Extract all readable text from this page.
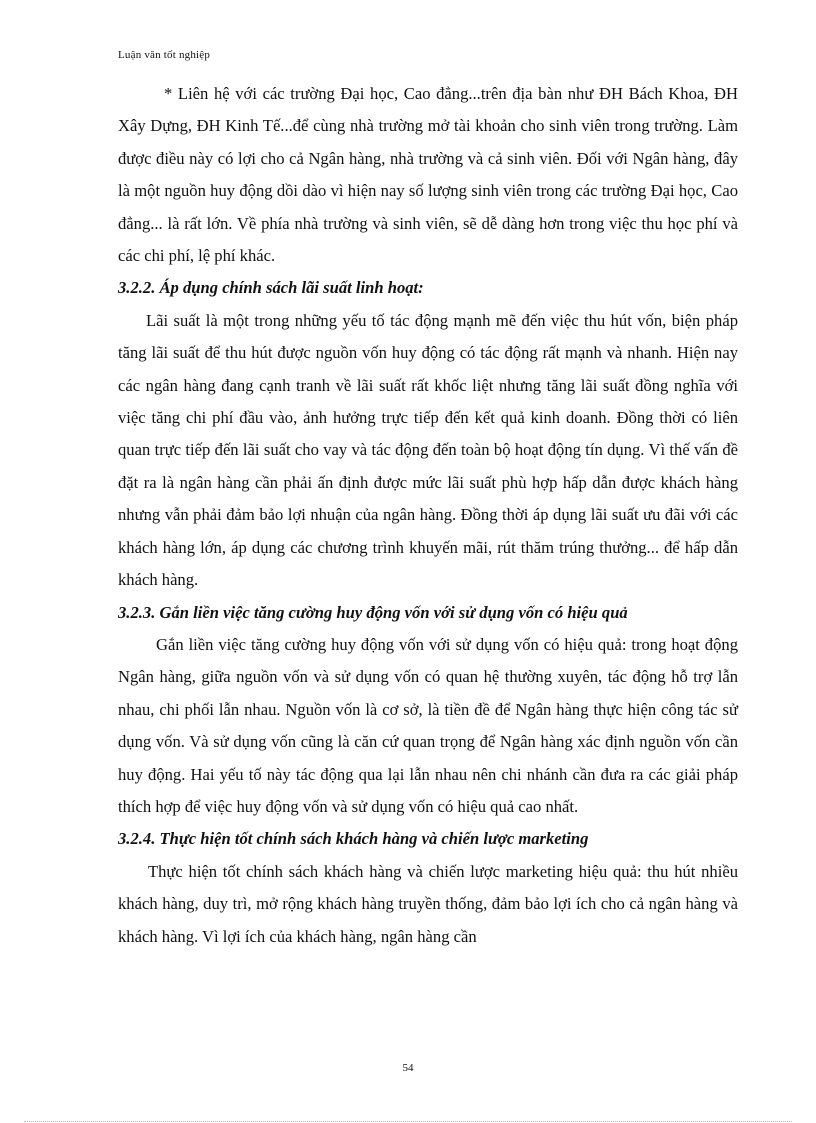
Luận văn tốt nghiệp

* Liên hệ với các trường Đại học, Cao đẳng...trên địa bàn như ĐH Bách Khoa, ĐH Xây Dựng, ĐH Kinh Tế...để cùng nhà trường mở tài khoản cho sinh viên trong trường. Làm được điều này có lợi cho cả Ngân hàng, nhà trường và cả sinh viên. Đối với Ngân hàng, đây là một nguồn huy động dồi dào vì hiện nay số lượng sinh viên trong các trường Đại học, Cao đẳng... là rất lớn. Về phía nhà trường và sinh viên, sẽ dễ dàng hơn trong việc thu học phí và các chi phí, lệ phí khác.

3.2.2. Áp dụng chính sách lãi suất linh hoạt:

Lãi suất là một trong những yếu tố tác động mạnh mẽ đến việc thu hút vốn, biện pháp tăng lãi suất để thu hút được nguồn vốn huy động có tác động rất mạnh và nhanh. Hiện nay các ngân hàng đang cạnh tranh về lãi suất rất khốc liệt nhưng tăng lãi suất đồng nghĩa với việc tăng chi phí đầu vào, ảnh hưởng trực tiếp đến kết quả kinh doanh. Đồng thời có liên quan trực tiếp đến lãi suất cho vay và tác động đến toàn bộ hoạt động tín dụng. Vì thế vấn đề đặt ra là ngân hàng cần phải ấn định được mức lãi suất phù hợp hấp dẫn được khách hàng nhưng vẫn phải đảm bảo lợi nhuận của ngân hàng. Đồng thời áp dụng lãi suất ưu đãi với các khách hàng lớn, áp dụng các chương trình khuyến mãi, rút thăm trúng thưởng... để hấp dẫn khách hàng.

3.2.3. Gắn liền việc tăng cường huy động vốn với sử dụng vốn có hiệu quả

Gắn liền việc tăng cường huy động vốn với sử dụng vốn có hiệu quả: trong hoạt động Ngân hàng, giữa nguồn vốn và sử dụng vốn có quan hệ thường xuyên, tác động hỗ trợ lẫn nhau, chi phối lẫn nhau. Nguồn vốn là cơ sở, là tiền đề để Ngân hàng thực hiện công tác sử dụng vốn. Và sử dụng vốn cũng là căn cứ quan trọng để Ngân hàng xác định nguồn vốn cần huy động. Hai yếu tố này tác động qua lại lẫn nhau nên chi nhánh cần đưa ra các giải pháp thích hợp để việc huy động vốn và sử dụng vốn có hiệu quả cao nhất.

3.2.4. Thực hiện tốt chính sách khách hàng và chiến lược marketing

Thực hiện tốt chính sách khách hàng và chiến lược marketing hiệu quả: thu hút nhiều khách hàng, duy trì, mở rộng khách hàng truyền thống, đảm bảo lợi ích cho cả ngân hàng và khách hàng. Vì lợi ích của khách hàng, ngân hàng cần

54
